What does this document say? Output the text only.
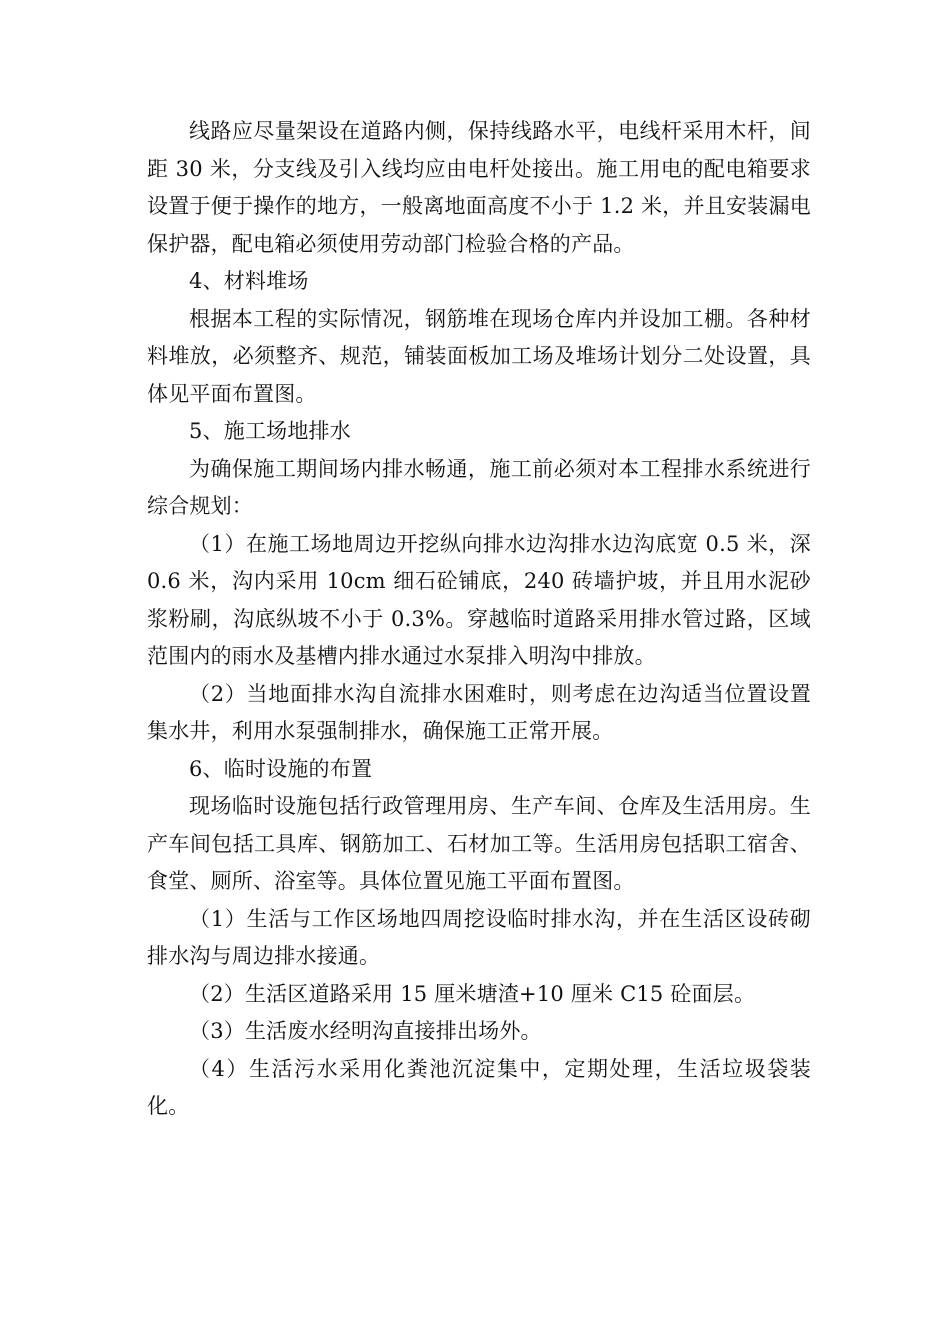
线路应尽量架设在道路内侧，保持线路水平，电线杆采用木杆，间距 30 米，分支线及引入线均应由电杆处接出。施工用电的配电箱要求设置于便于操作的地方，一般离地面高度不小于 1.2 米，并且安装漏电保护器，配电箱必须使用劳动部门检验合格的产品。

4、材料堆场

根据本工程的实际情况，钢筋堆在现场仓库内并设加工棚。各种材料堆放，必须整齐、规范，铺装面板加工场及堆场计划分二处设置，具体见平面布置图。

5、施工场地排水

为确保施工期间场内排水畅通，施工前必须对本工程排水系统进行综合规划：

（1）在施工场地周边开挖纵向排水边沟排水边沟底宽 0.5 米，深 0.6 米，沟内采用 10cm 细石砼铺底，240 砖墙护坡，并且用水泥砂浆粉刷，沟底纵坡不小于 0.3%。穿越临时道路采用排水管过路，区域范围内的雨水及基槽内排水通过水泵排入明沟中排放。

（2）当地面排水沟自流排水困难时，则考虑在边沟适当位置设置集水井，利用水泵强制排水，确保施工正常开展。

6、临时设施的布置

现场临时设施包括行政管理用房、生产车间、仓库及生活用房。生产车间包括工具库、钢筋加工、石材加工等。生活用房包括职工宿舍、食堂、厕所、浴室等。具体位置见施工平面布置图。

（1）生活与工作区场地四周挖设临时排水沟，并在生活区设砖砌排水沟与周边排水接通。

（2）生活区道路采用 15 厘米塘渣+10 厘米 C15 砼面层。

（3）生活废水经明沟直接排出场外。

（4）生活污水采用化粪池沉淀集中，定期处理，生活垃圾袋装化。
